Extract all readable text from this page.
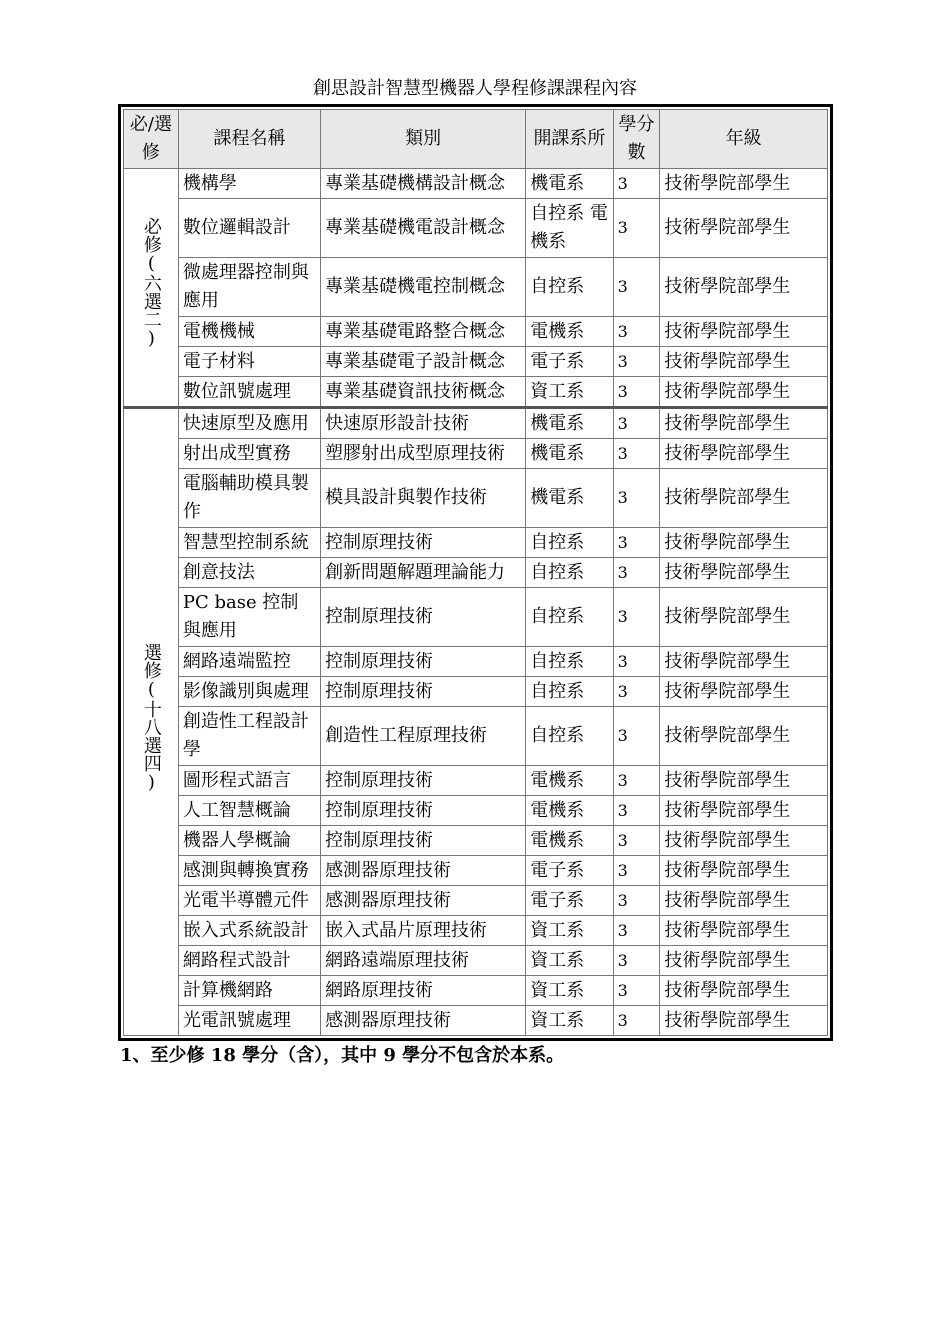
創思設計智慧型機器人學程修課課程內容
必/選修	課程名稱	類別	開課系所	學分數	年級
必修(六選二)	機構學	專業基礎機構設計概念	機電系	3	技術學院部學生
	數位邏輯設計	專業基礎機電設計概念	自控系 電機系	3	技術學院部學生
	微處理器控制與應用	專業基礎機電控制概念	自控系	3	技術學院部學生
	電機機械	專業基礎電路整合概念	電機系	3	技術學院部學生
	電子材料	專業基礎電子設計概念	電子系	3	技術學院部學生
	數位訊號處理	專業基礎資訊技術概念	資工系	3	技術學院部學生
選修(十八選四)	快速原型及應用	快速原形設計技術	機電系	3	技術學院部學生
	射出成型實務	塑膠射出成型原理技術	機電系	3	技術學院部學生
	電腦輔助模具製作	模具設計與製作技術	機電系	3	技術學院部學生
	智慧型控制系統	控制原理技術	自控系	3	技術學院部學生
	創意技法	創新問題解題理論能力	自控系	3	技術學院部學生
	PC base 控制與應用	控制原理技術	自控系	3	技術學院部學生
	網路遠端監控	控制原理技術	自控系	3	技術學院部學生
	影像識別與處理	控制原理技術	自控系	3	技術學院部學生
	創造性工程設計學	創造性工程原理技術	自控系	3	技術學院部學生
	圖形程式語言	控制原理技術	電機系	3	技術學院部學生
	人工智慧概論	控制原理技術	電機系	3	技術學院部學生
	機器人學概論	控制原理技術	電機系	3	技術學院部學生
	感測與轉換實務	感測器原理技術	電子系	3	技術學院部學生
	光電半導體元件	感測器原理技術	電子系	3	技術學院部學生
	嵌入式系統設計	嵌入式晶片原理技術	資工系	3	技術學院部學生
	網路程式設計	網路遠端原理技術	資工系	3	技術學院部學生
	計算機網路	網路原理技術	資工系	3	技術學院部學生
	光電訊號處理	感測器原理技術	資工系	3	技術學院部學生
1、至少修 18 學分（含），其中 9 學分不包含於本系。
